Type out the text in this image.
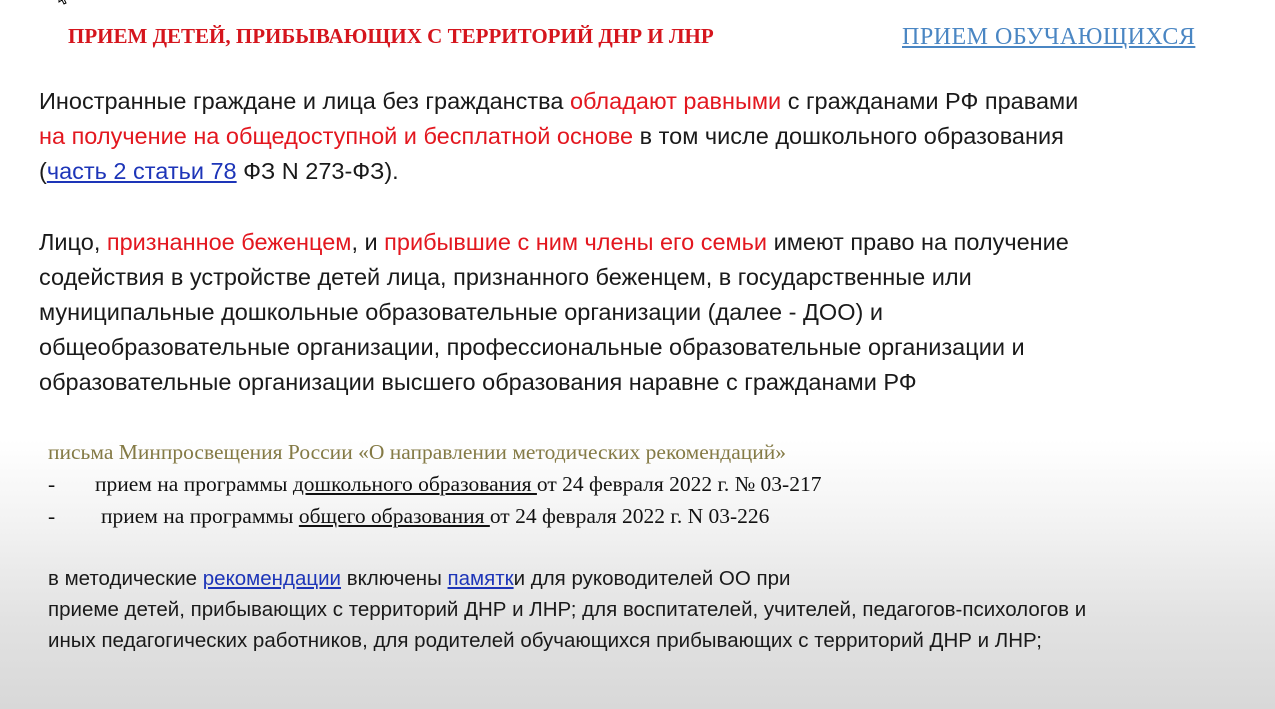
ПРИЕМ ДЕТЕЙ, ПРИБЫВАЮЩИХ С ТЕРРИТОРИЙ ДНР И ЛНР	ПРИЕМ ОБУЧАЮЩИХСЯ

Иностранные граждане и лица без гражданства обладают равными с гражданами РФ правами
на получение на общедоступной и бесплатной основе в том числе дошкольного образования
(часть 2 статьи 78 ФЗ N 273-ФЗ).

Лицо, признанное беженцем, и прибывшие с ним члены его семьи имеют право на получение
содействия в устройстве детей лица, признанного беженцем, в государственные или
муниципальные дошкольные образовательные организации (далее - ДОО) и
общеобразовательные организации, профессиональные образовательные организации и
образовательные организации высшего образования наравне с гражданами РФ

письма Минпросвещения России «О направлении методических рекомендаций»
- прием на программы дошкольного образования от 24 февраля 2022 г. № 03-217
- прием на программы общего образования от 24 февраля 2022 г. N 03-226

в методические рекомендации включены памятки для руководителей ОО при
приеме детей, прибывающих с территорий ДНР и ЛНР; для воспитателей, учителей, педагогов-психологов и
иных педагогических работников, для родителей обучающихся прибывающих с территорий ДНР и ЛНР;
